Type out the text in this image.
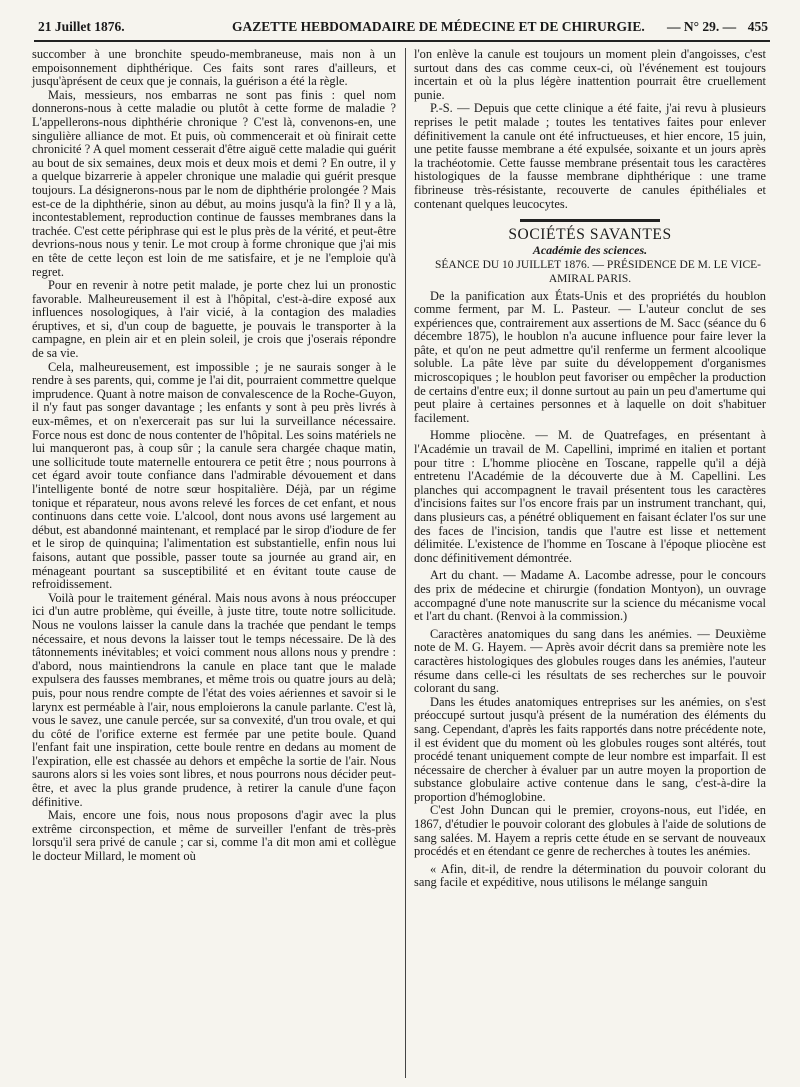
21 Juillet 1876.	GAZETTE HEBDOMADAIRE DE MÉDECINE ET DE CHIRURGIE. — N° 29. — 455

succomber à une bronchite speudo-membraneuse, mais non à un empoisonnement diphthérique. Ces faits sont rares d'ailleurs, et jusqu'àprésent de ceux que je connais, la guérison a été la règle.

Mais, messieurs, nos embarras ne sont pas finis : quel nom donnerons-nous à cette maladie ou plutôt à cette forme de maladie ? L'appellerons-nous diphthérie chronique ? C'est là, convenons-en, une singulière alliance de mot. Et puis, où commencerait et où finirait cette chronicité ? A quel moment cesserait d'être aiguë cette maladie qui guérit au bout de six semaines, deux mois et deux mois et demi ? En outre, il y a quelque bizarrerie à appeler chronique une maladie qui guérit presque toujours. La désignerons-nous par le nom de diphthérie prolongée ? Mais est-ce de la diphthérie, sinon au début, au moins jusqu'à la fin? Il y a là, incontestablement, reproduction continue de fausses membranes dans la trachée. C'est cette périphrase qui est le plus près de la vérité, et peut-être devrions-nous nous y tenir. Le mot croup à forme chronique que j'ai mis en tête de cette leçon est loin de me satisfaire, et je ne l'emploie qu'à regret.

Pour en revenir à notre petit malade, je porte chez lui un pronostic favorable. Malheureusement il est à l'hôpital, c'est-à-dire exposé aux influences nosologiques, à l'air vicié, à la contagion des maladies éruptives, et si, d'un coup de baguette, je pouvais le transporter à la campagne, en plein air et en plein soleil, je crois que j'oserais répondre de sa vie.

Cela, malheureusement, est impossible ; je ne saurais songer à le rendre à ses parents, qui, comme je l'ai dit, pourraient commettre quelque imprudence. Quant à notre maison de convalescence de la Roche-Guyon, il n'y faut pas songer davantage ; les enfants y sont à peu près livrés à eux-mêmes, et on n'exercerait pas sur lui la surveillance nécessaire. Force nous est donc de nous contenter de l'hôpital. Les soins matériels ne lui manqueront pas, à coup sûr ; la canule sera chargée chaque matin, une sollicitude toute maternelle entourera ce petit être ; nous pourrons à cet égard avoir toute confiance dans l'admirable dévouement et dans l'intelligente bonté de notre sœur hospitalière. Déjà, par un régime tonique et réparateur, nous avons relevé les forces de cet enfant, et nous continuons dans cette voie. L'alcool, dont nous avons usé largement au début, est abandonné maintenant, et remplacé par le sirop d'iodure de fer et le sirop de quinquina; l'alimentation est substantielle, enfin nous lui faisons, autant que possible, passer toute sa journée au grand air, en ménageant pourtant sa susceptibilité et en évitant toute cause de refroidissement.

Voilà pour le traitement général. Mais nous avons à nous préoccuper ici d'un autre problème, qui éveille, à juste titre, toute notre sollicitude. Nous ne voulons laisser la canule dans la trachée que pendant le temps nécessaire, et nous devons la laisser tout le temps nécessaire. De là des tâtonnements inévitables; et voici comment nous allons nous y prendre : d'abord, nous maintiendrons la canule en place tant que le malade expulsera des fausses membranes, et même trois ou quatre jours au delà; puis, pour nous rendre compte de l'état des voies aériennes et savoir si le larynx est perméable à l'air, nous emploierons la canule parlante. C'est là, vous le savez, une canule percée, sur sa convexité, d'un trou ovale, et qui du côté de l'orifice externe est fermée par une petite boule. Quand l'enfant fait une inspiration, cette boule rentre en dedans au moment de l'expiration, elle est chassée au dehors et empêche la sortie de l'air. Nous saurons alors si les voies sont libres, et nous pourrons nous décider peut-être, et avec la plus grande prudence, à retirer la canule d'une façon définitive.

Mais, encore une fois, nous nous proposons d'agir avec la plus extrême circonspection, et même de surveiller l'enfant de très-près lorsqu'il sera privé de canule ; car si, comme l'a dit mon ami et collègue le docteur Millard, le moment où

l'on enlève la canule est toujours un moment plein d'angoisses, c'est surtout dans des cas comme ceux-ci, où l'événement est toujours incertain et où la plus légère inattention pourrait être cruellement punie.

P.-S. — Depuis que cette clinique a été faite, j'ai revu à plusieurs reprises le petit malade ; toutes les tentatives faites pour enlever définitivement la canule ont été infructueuses, et hier encore, 15 juin, une petite fausse membrane a été expulsée, soixante et un jours après la trachéotomie. Cette fausse membrane présentait tous les caractères histologiques de la fausse membrane diphthérique : une trame fibrineuse très-résistante, recouverte de canules épithéliales et contenant quelques leucocytes.

SOCIÉTÉS SAVANTES

Académie des sciences.

SÉANCE DU 10 JUILLET 1876. — PRÉSIDENCE DE M. LE VICE-AMIRAL PARIS.

De la panification aux États-Unis et des propriétés du houblon comme ferment, par M. L. Pasteur. — L'auteur conclut de ses expériences que, contrairement aux assertions de M. Sacc (séance du 6 décembre 1875), le houblon n'a aucune influence pour faire lever la pâte, et qu'on ne peut admettre qu'il renferme un ferment alcoolique soluble. La pâte lève par suite du développement d'organismes microscopiques ; le houblon peut favoriser ou empêcher la production de certains d'entre eux; il donne surtout au pain un peu d'amertume qui peut plaire à certaines personnes et à laquelle on doit s'habituer facilement.

Homme pliocène. — M. de Quatrefages, en présentant à l'Académie un travail de M. Capellini, imprimé en italien et portant pour titre : L'homme pliocène en Toscane, rappelle qu'il a déjà entretenu l'Académie de la découverte due à M. Capellini. Les planches qui accompagnent le travail présentent tous les caractères d'incisions faites sur l'os encore frais par un instrument tranchant, qui, dans plusieurs cas, a pénétré obliquement en faisant éclater l'os sur une des faces de l'incision, tandis que l'autre est lisse et nettement délimitée. L'existence de l'homme en Toscane à l'époque pliocène est donc définitivement démontrée.

Art du chant. — Madame A. Lacombe adresse, pour le concours des prix de médecine et chirurgie (fondation Montyon), un ouvrage accompagné d'une note manuscrite sur la science du mécanisme vocal et l'art du chant. (Renvoi à la commission.)

Caractères anatomiques du sang dans les anémies. — Deuxième note de M. G. Hayem. — Après avoir décrit dans sa première note les caractères histologiques des globules rouges dans les anémies, l'auteur résume dans celle-ci les résultats de ses recherches sur le pouvoir colorant du sang.

Dans les études anatomiques entreprises sur les anémies, on s'est préoccupé surtout jusqu'à présent de la numération des éléments du sang. Cependant, d'après les faits rapportés dans notre précédente note, il est évident que du moment où les globules rouges sont altérés, tout procédé tenant uniquement compte de leur nombre est imparfait. Il est nécessaire de chercher à évaluer par un autre moyen la proportion de substance globulaire active contenue dans le sang, c'est-à-dire la proportion d'hémoglobine.

C'est John Duncan qui le premier, croyons-nous, eut l'idée, en 1867, d'étudier le pouvoir colorant des globules à l'aide de solutions de sang salées. M. Hayem a repris cette étude en se servant de nouveaux procédés et en étendant ce genre de recherches à toutes les anémies.

« Afin, dit-il, de rendre la détermination du pouvoir colorant du sang facile et expéditive, nous utilisons le mélange sanguin
